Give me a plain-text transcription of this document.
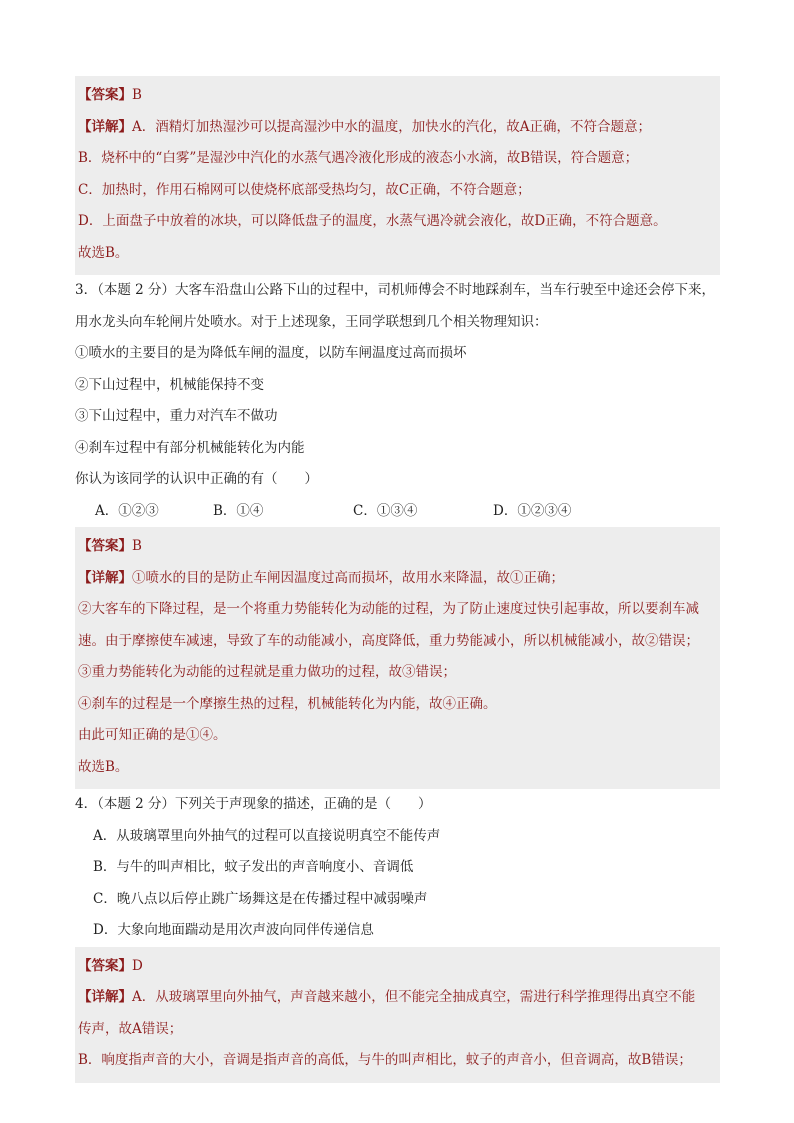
【答案】B
【详解】A．酒精灯加热湿沙可以提高湿沙中水的温度，加快水的汽化，故A正确，不符合题意；
B．烧杯中的“白雾”是湿沙中汽化的水蒸气遇冷液化形成的液态小水滴，故B错误，符合题意；
C．加热时，作用石棉网可以使烧杯底部受热均匀，故C正确，不符合题意；
D．上面盘子中放着的冰块，可以降低盘子的温度，水蒸气遇冷就会液化，故D正确，不符合题意。
故选B。
3．（本题 2 分）大客车沿盘山公路下山的过程中，司机师傅会不时地踩刹车，当车行驶至中途还会停下来，
用水龙头向车轮闸片处喷水。对于上述现象，王同学联想到几个相关物理知识：
①喷水的主要目的是为降低车闸的温度，以防车闸温度过高而损坏
②下山过程中，机械能保持不变
③下山过程中，重力对汽车不做功
④刹车过程中有部分机械能转化为内能
你认为该同学的认识中正确的有（　　）
A．①②③	B．①④	C．①③④	D．①②③④
【答案】B
【详解】①喷水的目的是防止车闸因温度过高而损坏，故用水来降温，故①正确；
②大客车的下降过程，是一个将重力势能转化为动能的过程，为了防止速度过快引起事故，所以要刹车减
速。由于摩擦使车减速，导致了车的动能减小，高度降低，重力势能减小，所以机械能减小，故②错误；
③重力势能转化为动能的过程就是重力做功的过程，故③错误；
④刹车的过程是一个摩擦生热的过程，机械能转化为内能，故④正确。
由此可知正确的是①④。
故选B。
4．（本题 2 分）下列关于声现象的描述，正确的是（　　）
A．从玻璃罩里向外抽气的过程可以直接说明真空不能传声
B．与牛的叫声相比，蚊子发出的声音响度小、音调低
C．晚八点以后停止跳广场舞这是在传播过程中减弱噪声
D．大象向地面踹动是用次声波向同伴传递信息
【答案】D
【详解】A．从玻璃罩里向外抽气，声音越来越小，但不能完全抽成真空，需进行科学推理得出真空不能
传声，故A错误；
B．响度指声音的大小，音调是指声音的高低，与牛的叫声相比，蚊子的声音小，但音调高，故B错误；
